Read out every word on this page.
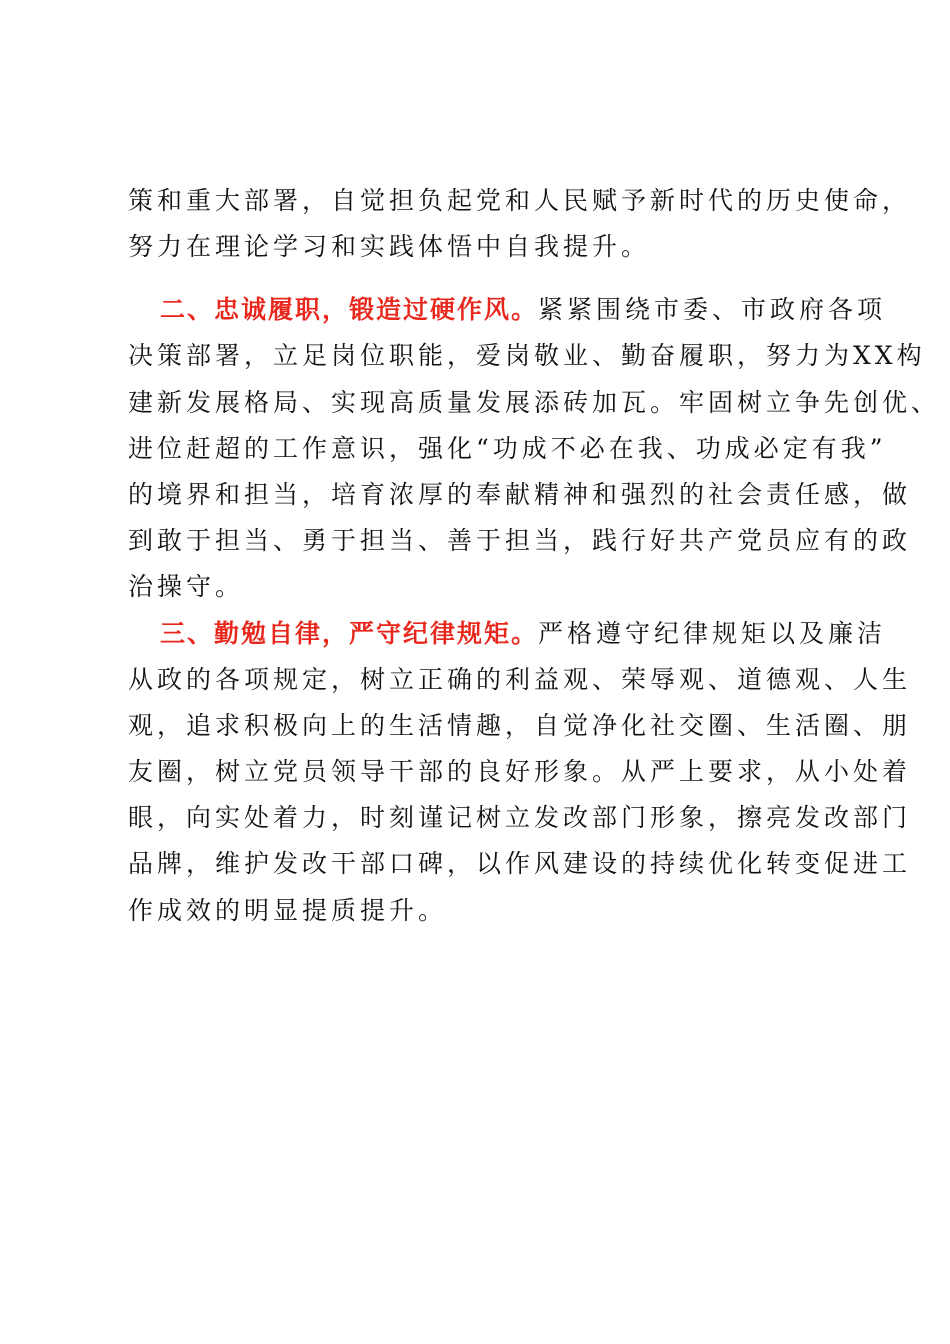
策和重大部署，自觉担负起党和人民赋予新时代的历史使命，
努力在理论学习和实践体悟中自我提升。
二、忠诚履职，锻造过硬作风。紧紧围绕市委、市政府各项
决策部署，立足岗位职能，爱岗敬业、勤奋履职，努力为XX构
建新发展格局、实现高质量发展添砖加瓦。牢固树立争先创优、
进位赶超的工作意识，强化“功成不必在我、功成必定有我”
的境界和担当，培育浓厚的奉献精神和强烈的社会责任感，做
到敢于担当、勇于担当、善于担当，践行好共产党员应有的政
治操守。
三、勤勉自律，严守纪律规矩。严格遵守纪律规矩以及廉洁
从政的各项规定，树立正确的利益观、荣辱观、道德观、人生
观，追求积极向上的生活情趣，自觉净化社交圈、生活圈、朋
友圈，树立党员领导干部的良好形象。从严上要求，从小处着
眼，向实处着力，时刻谨记树立发改部门形象，擦亮发改部门
品牌，维护发改干部口碑，以作风建设的持续优化转变促进工
作成效的明显提质提升。
